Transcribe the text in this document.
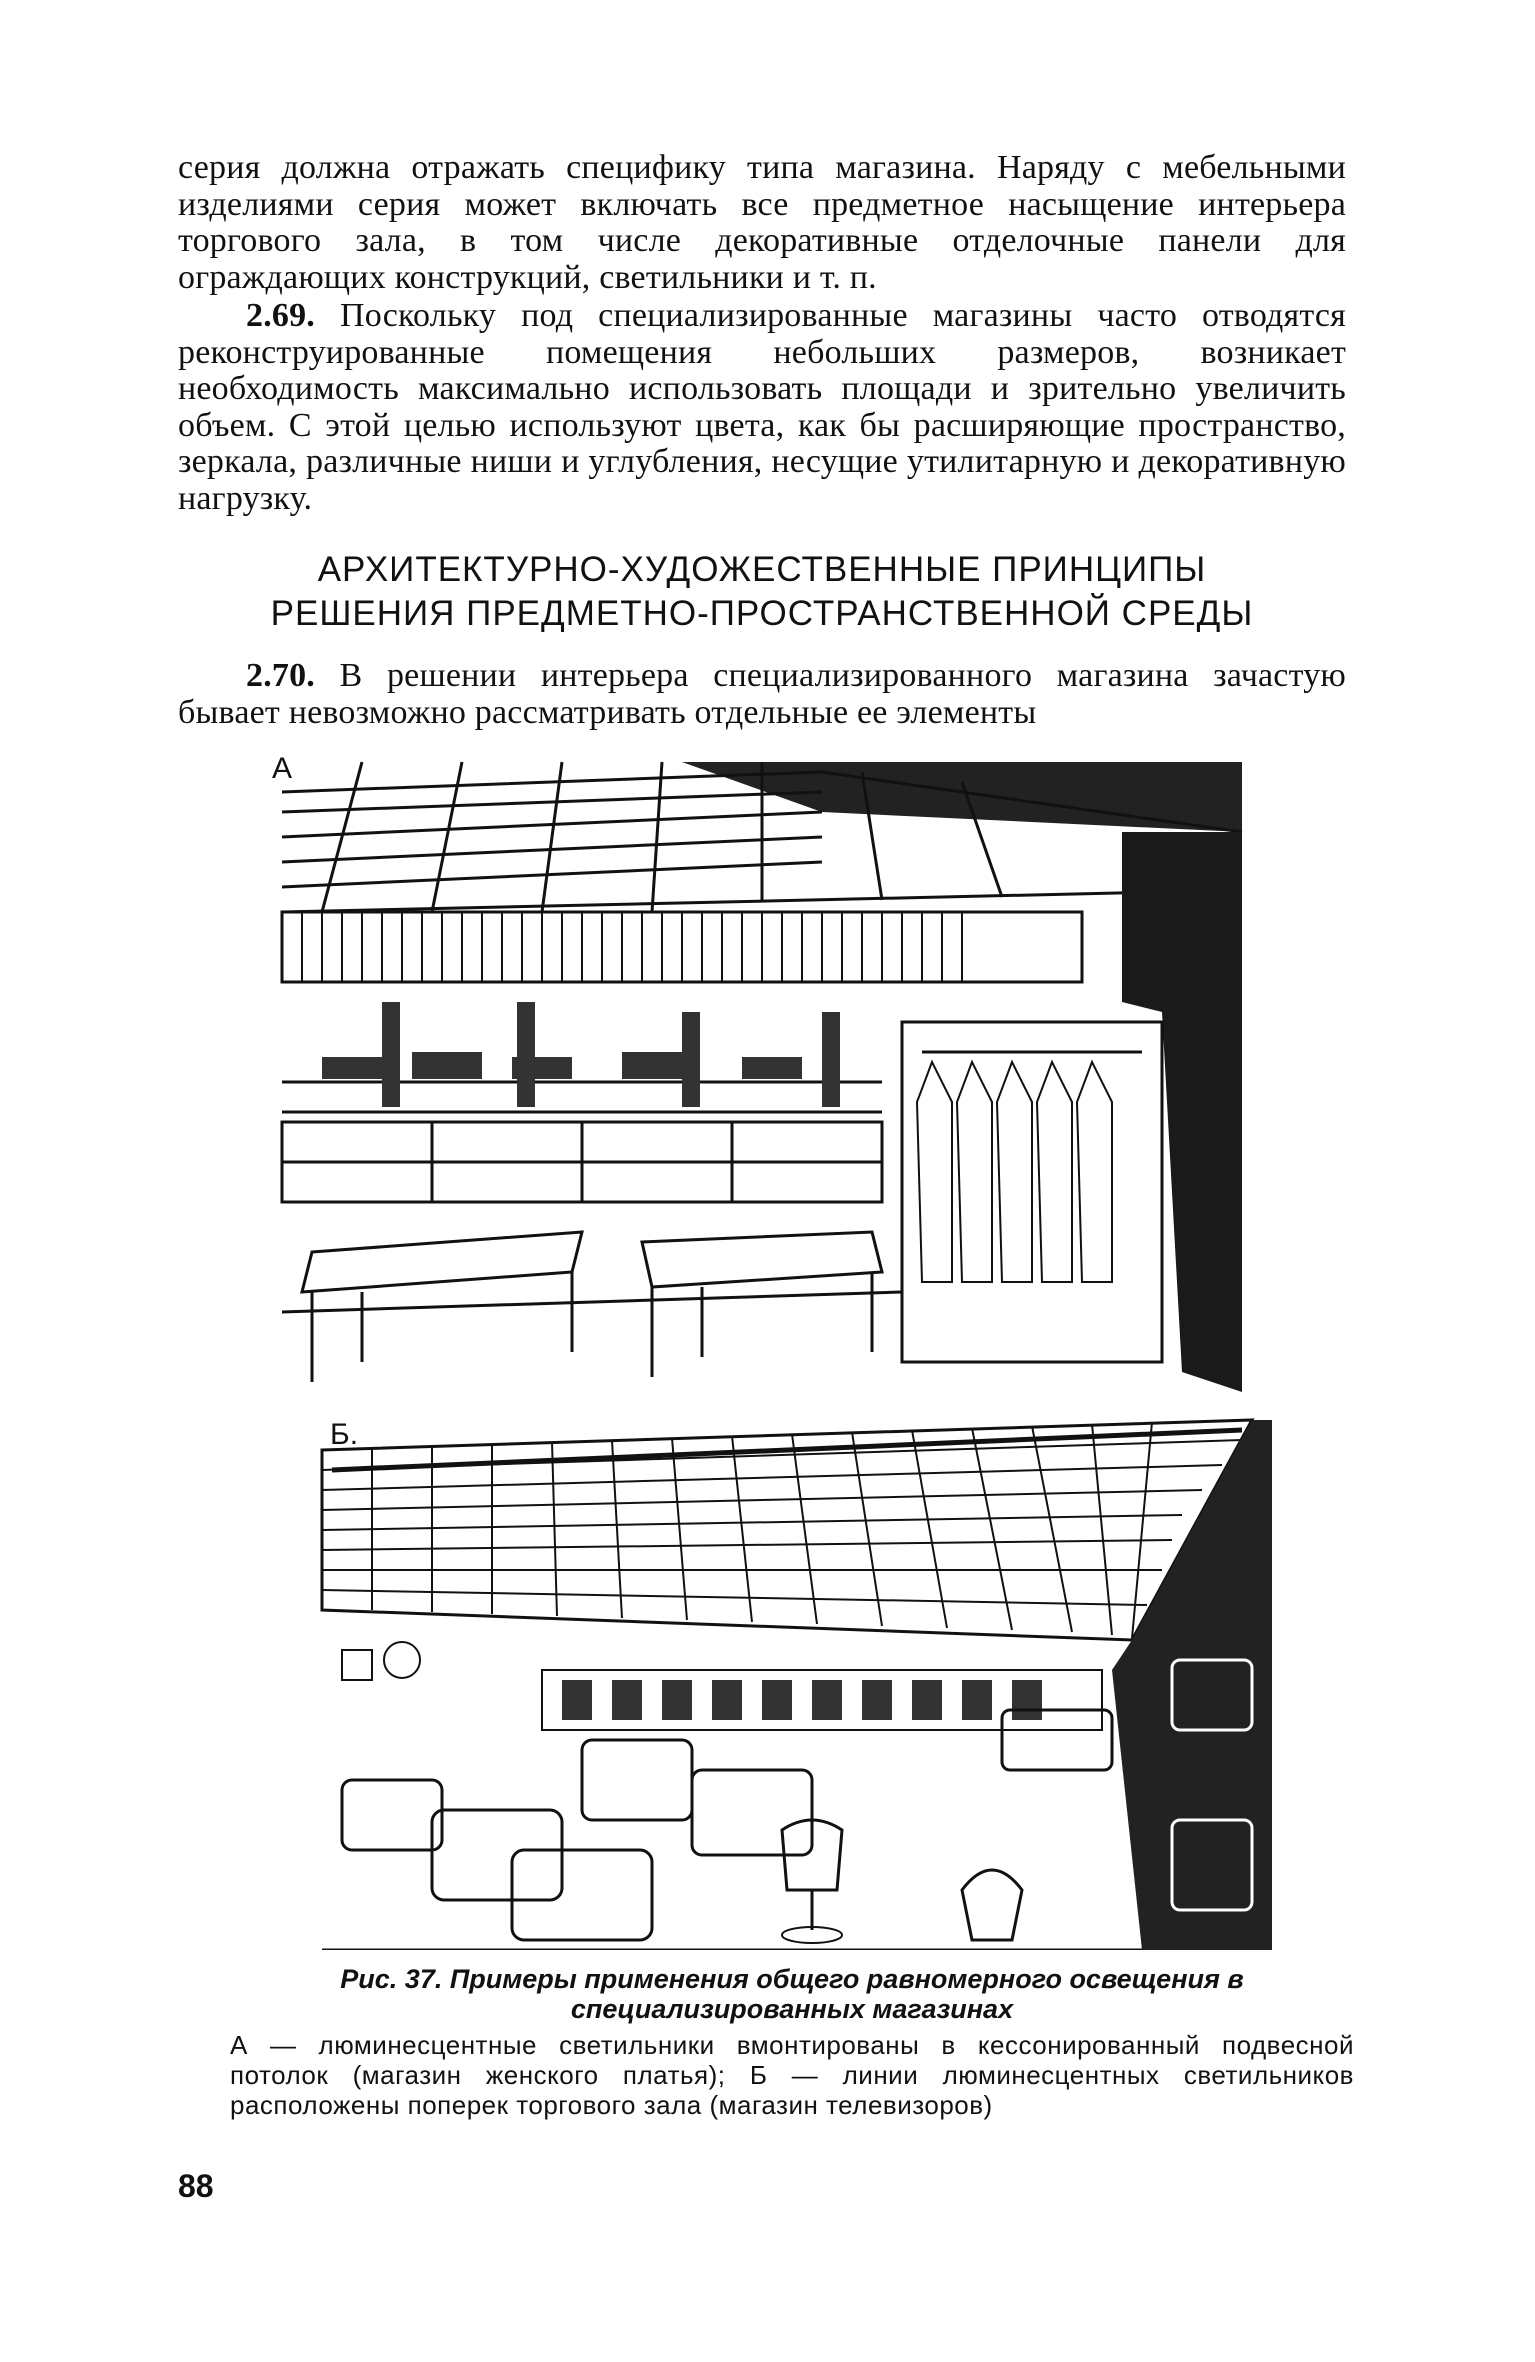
серия должна отражать специфику типа магазина. Наряду с мебельными изделиями серия может включать все предметное насыщение интерьера торгового зала, в том числе декоративные отделочные панели для ограждающих конструкций, светильники и т. п.

2.69. Поскольку под специализированные магазины часто отводятся реконструированные помещения небольших размеров, возникает необходимость максимально использовать площади и зрительно увеличить объем. С этой целью используют цвета, как бы расширяющие пространство, зеркала, различные ниши и углубления, несущие утилитарную и декоративную нагрузку.

АРХИТЕКТУРНО-ХУДОЖЕСТВЕННЫЕ ПРИНЦИПЫ
РЕШЕНИЯ ПРЕДМЕТНО-ПРОСТРАНСТВЕННОЙ СРЕДЫ

2.70. В решении интерьера специализированного магазина зачастую бывает невозможно рассматривать отдельные ее элементы

А
Б.
Рис. 37. Примеры применения общего равномерного освещения в специализированных магазинах
А — люминесцентные светильники вмонтированы в кессонированный подвесной потолок (магазин женского платья); Б — линии люминесцентных светильников расположены поперек торгового зала (магазин телевизоров)
88
